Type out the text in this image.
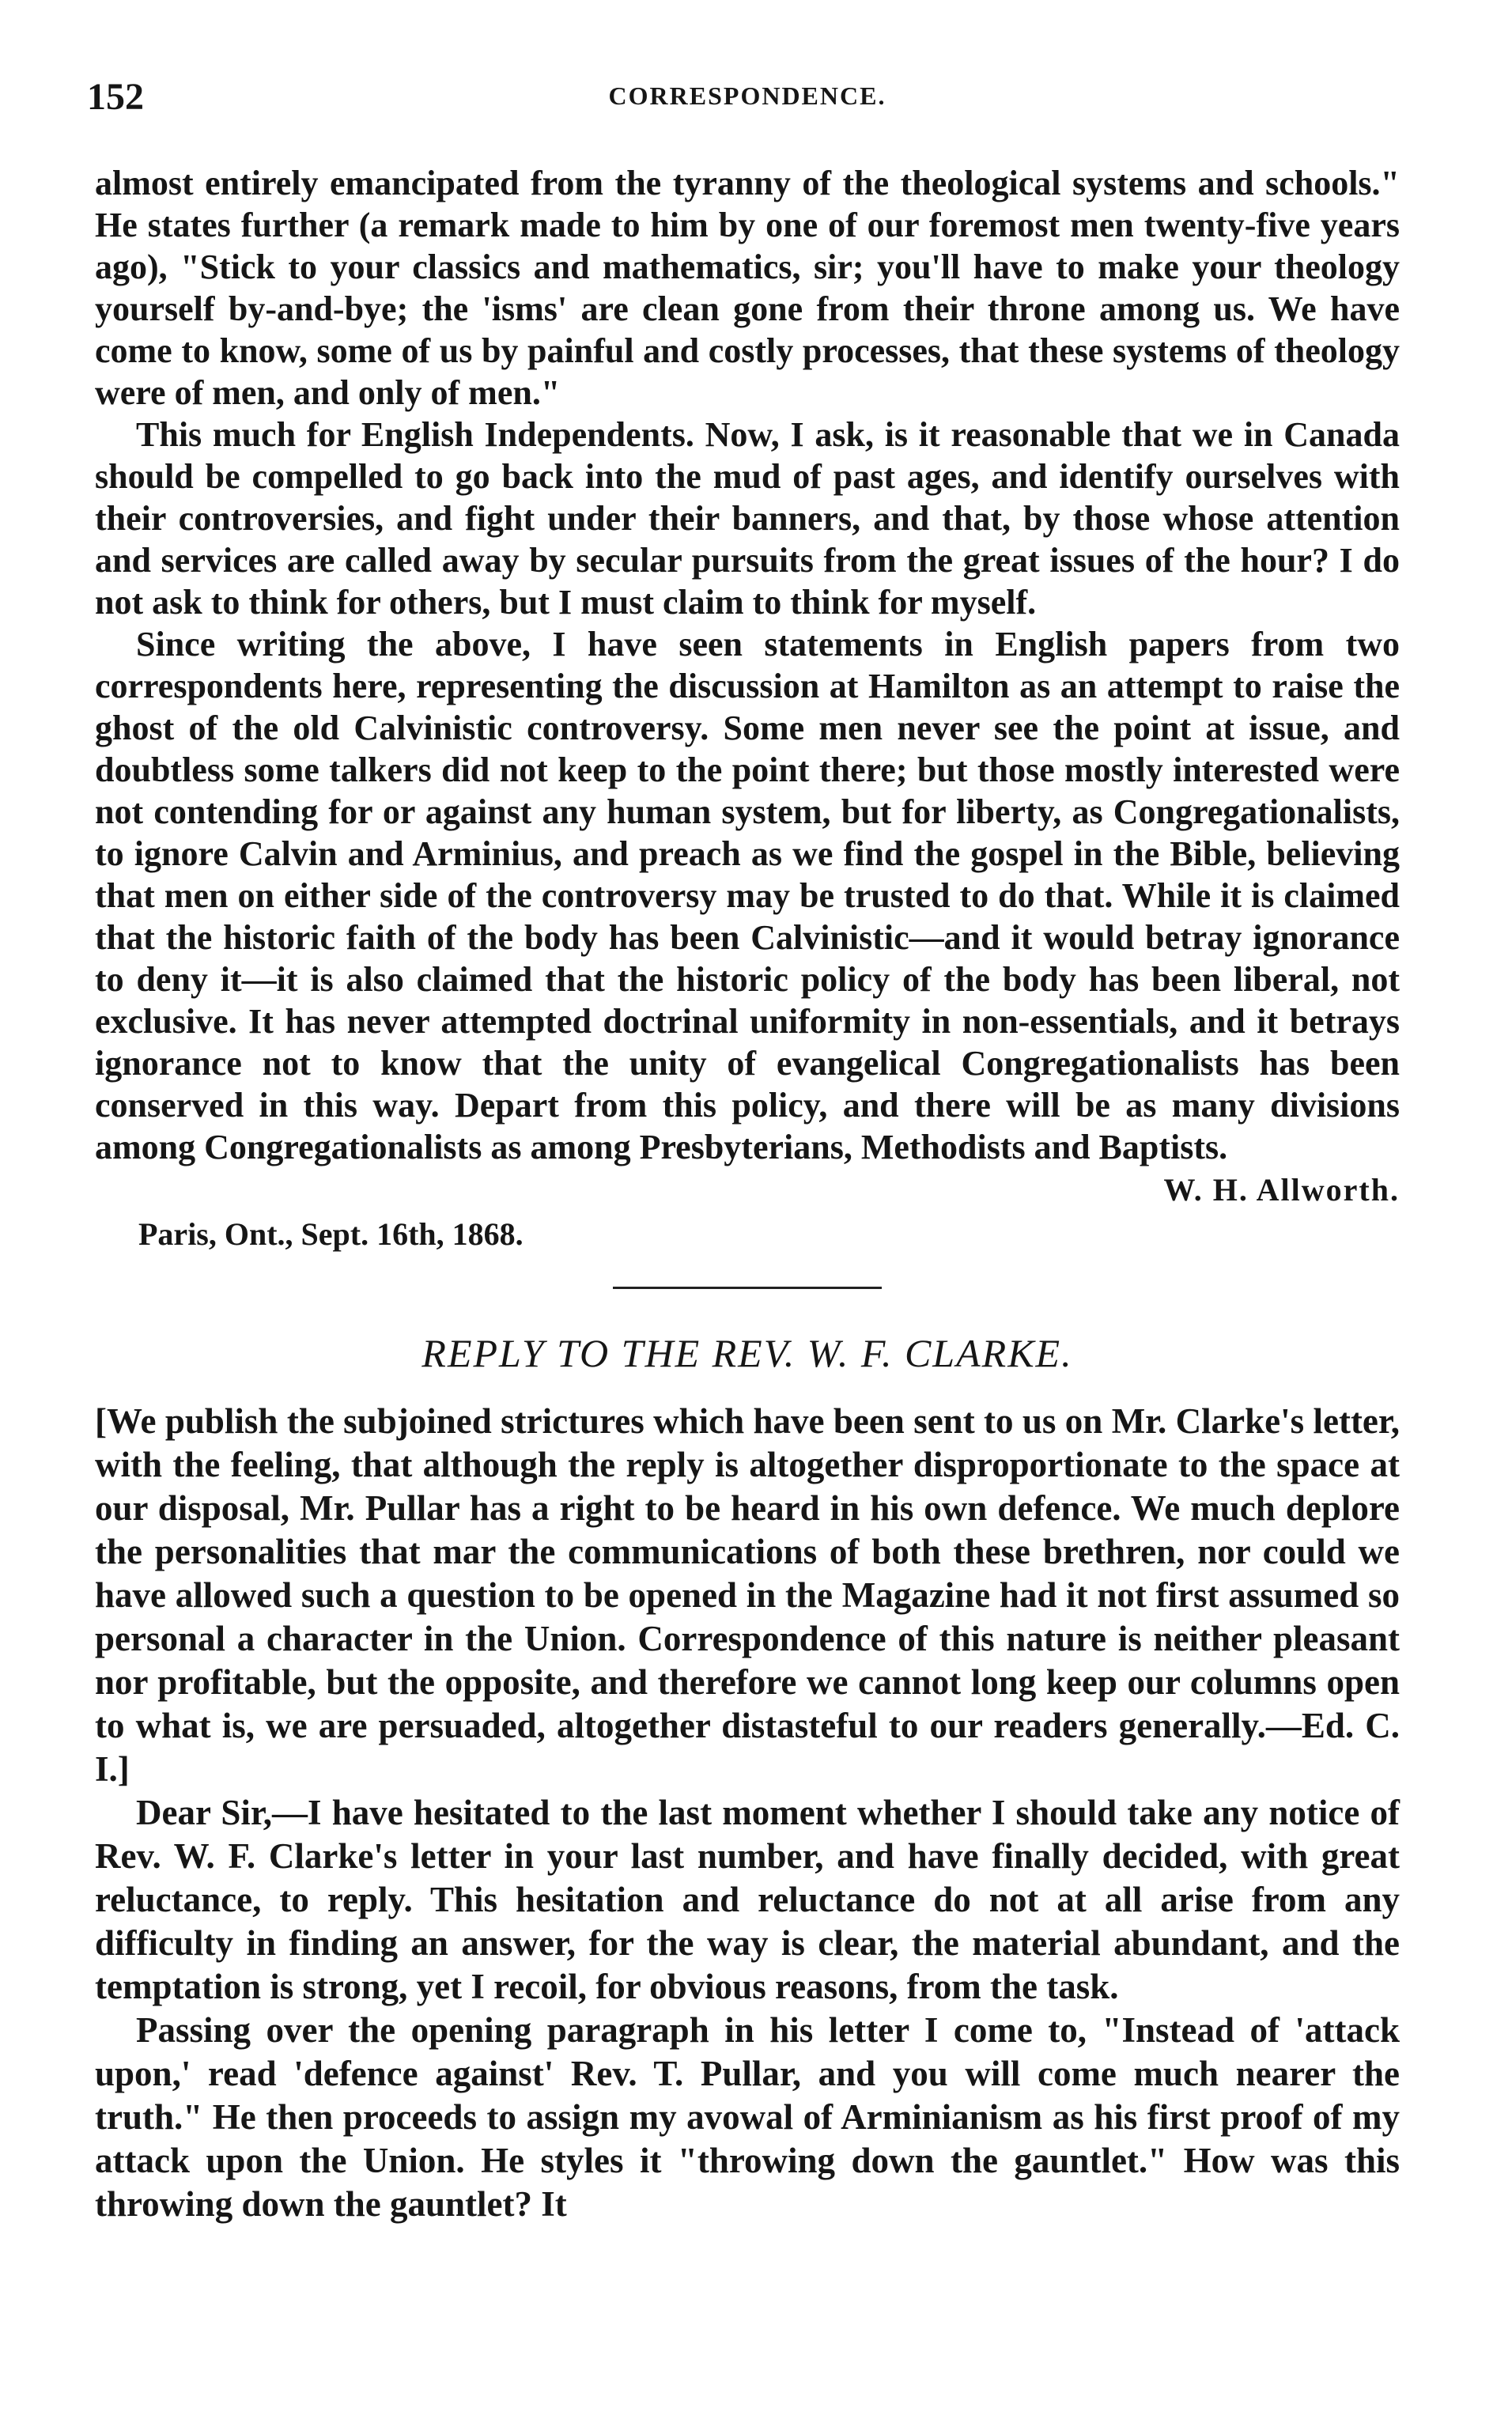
152	CORRESPONDENCE.

almost entirely emancipated from the tyranny of the theological systems and schools." He states further (a remark made to him by one of our foremost men twenty-five years ago), "Stick to your classics and mathematics, sir; you'll have to make your theology yourself by-and-bye; the 'isms' are clean gone from their throne among us. We have come to know, some of us by painful and costly processes, that these systems of theology were of men, and only of men."

This much for English Independents. Now, I ask, is it reasonable that we in Canada should be compelled to go back into the mud of past ages, and identify ourselves with their controversies, and fight under their banners, and that, by those whose attention and services are called away by secular pursuits from the great issues of the hour? I do not ask to think for others, but I must claim to think for myself.

Since writing the above, I have seen statements in English papers from two correspondents here, representing the discussion at Hamilton as an attempt to raise the ghost of the old Calvinistic controversy. Some men never see the point at issue, and doubtless some talkers did not keep to the point there; but those mostly interested were not contending for or against any human system, but for liberty, as Congregationalists, to ignore Calvin and Arminius, and preach as we find the gospel in the Bible, believing that men on either side of the controversy may be trusted to do that. While it is claimed that the historic faith of the body has been Calvinistic—and it would betray ignorance to deny it—it is also claimed that the historic policy of the body has been liberal, not exclusive. It has never attempted doctrinal uniformity in non-essentials, and it betrays ignorance not to know that the unity of evangelical Congregationalists has been conserved in this way. Depart from this policy, and there will be as many divisions among Congregationalists as among Presbyterians, Methodists and Baptists.

W. H. Allworth.
Paris, Ont., Sept. 16th, 1868.
REPLY TO THE REV. W. F. CLARKE.

[We publish the subjoined strictures which have been sent to us on Mr. Clarke's letter, with the feeling, that although the reply is altogether disproportionate to the space at our disposal, Mr. Pullar has a right to be heard in his own defence. We much deplore the personalities that mar the communications of both these brethren, nor could we have allowed such a question to be opened in the Magazine had it not first assumed so personal a character in the Union. Correspondence of this nature is neither pleasant nor profitable, but the opposite, and therefore we cannot long keep our columns open to what is, we are persuaded, altogether distasteful to our readers generally.—Ed. C. I.]

Dear Sir,—I have hesitated to the last moment whether I should take any notice of Rev. W. F. Clarke's letter in your last number, and have finally decided, with great reluctance, to reply. This hesitation and reluctance do not at all arise from any difficulty in finding an answer, for the way is clear, the material abundant, and the temptation is strong, yet I recoil, for obvious reasons, from the task.

Passing over the opening paragraph in his letter I come to, "Instead of 'attack upon,' read 'defence against' Rev. T. Pullar, and you will come much nearer the truth." He then proceeds to assign my avowal of Arminianism as his first proof of my attack upon the Union. He styles it "throwing down the gauntlet." How was this throwing down the gauntlet? It
